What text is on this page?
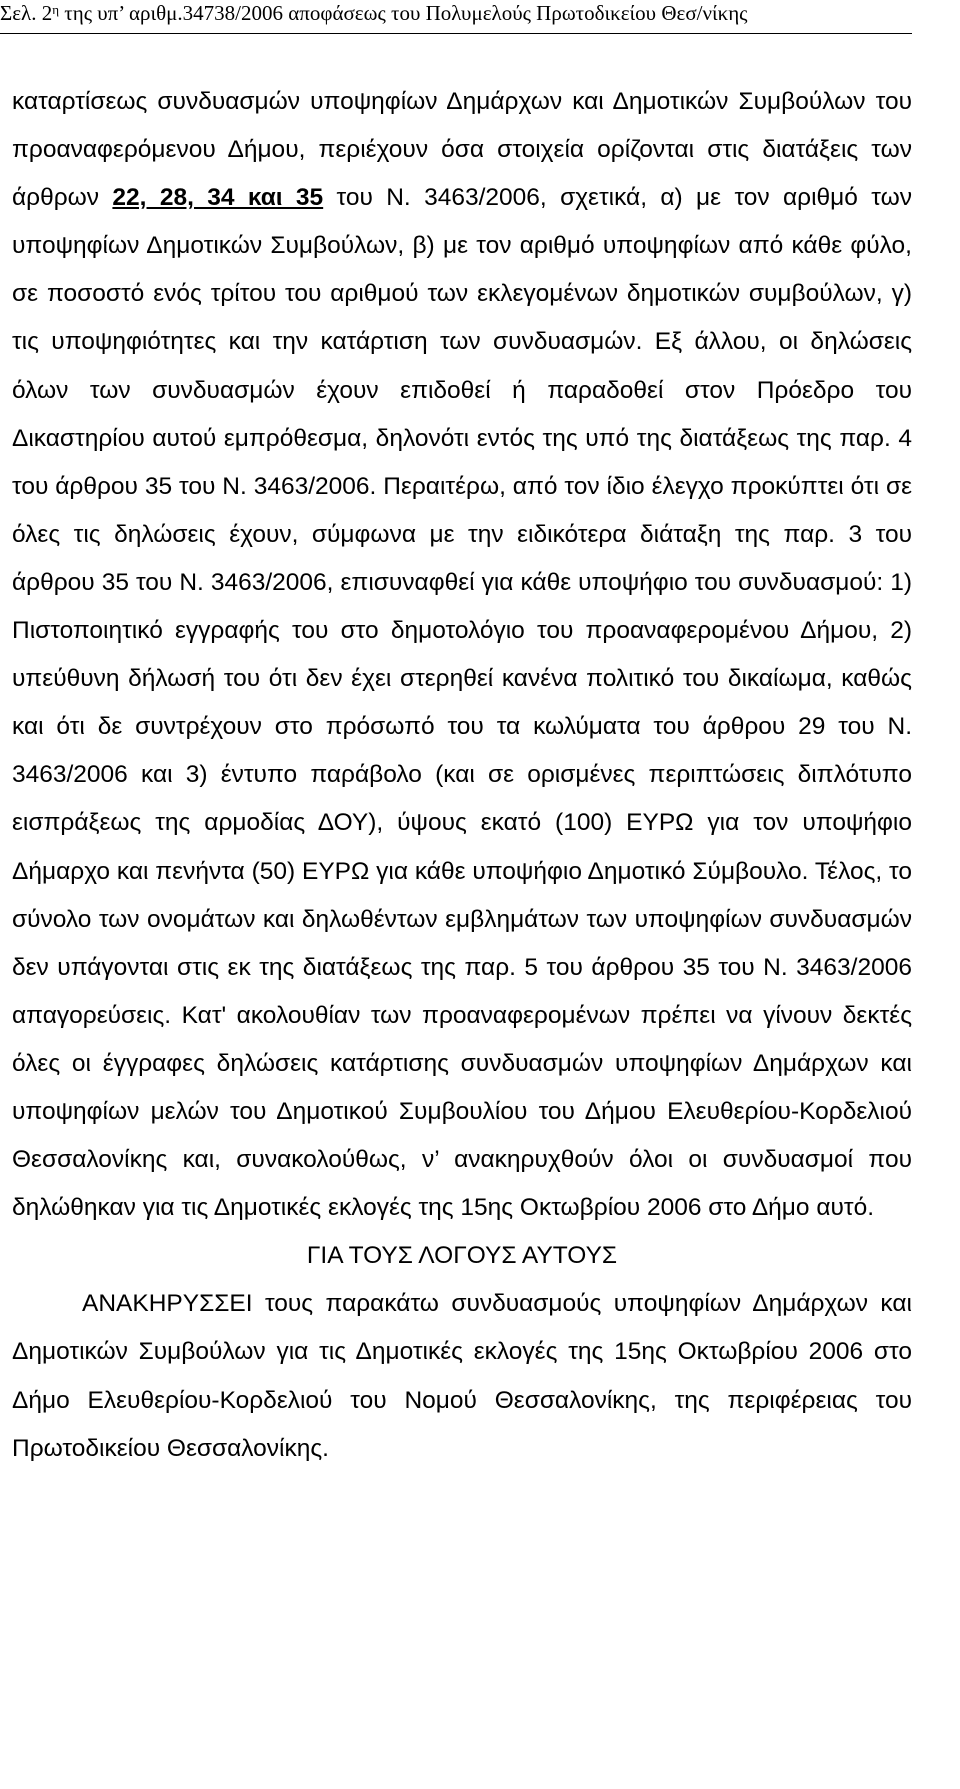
Σελ. $2^\eta$ της υπ’ αριθμ.34738/2006 αποφάσεως του Πολυμελούς Πρωτοδικείου Θεσ/νίκης

καταρτίσεως συνδυασμών υποψηφίων Δημάρχων και Δημοτικών Συμβούλων του προαναφερόμενου Δήμου, περιέχουν όσα στοιχεία ορίζονται στις διατάξεις των άρθρων 22, 28, 34 και 35 του Ν. 3463/2006, σχετικά, α) με τον αριθμό των υποψηφίων Δημοτικών Συμβούλων, β) με τον αριθμό υποψηφίων από κάθε φύλο, σε ποσοστό ενός τρίτου του αριθμού των εκλεγομένων δημοτικών συμβούλων, γ) τις υποψηφιότητες και την κατάρτιση των συνδυασμών. Εξ άλλου, οι δηλώσεις όλων των συνδυασμών έχουν επιδοθεί ή παραδοθεί στον Πρόεδρο του Δικαστηρίου αυτού εμπρόθεσμα, δηλονότι εντός της υπό της διατάξεως της παρ. 4 του άρθρου 35 του Ν. 3463/2006. Περαιτέρω, από τον ίδιο έλεγχο προκύπτει ότι σε όλες τις δηλώσεις έχουν, σύμφωνα με την ειδικότερα διάταξη της παρ. 3 του άρθρου 35 του Ν. 3463/2006, επισυναφθεί για κάθε υποψήφιο του συνδυασμού: 1) Πιστοποιητικό εγγραφής του στο δημοτολόγιο του προαναφερομένου Δήμου, 2) υπεύθυνη δήλωσή του ότι δεν έχει στερηθεί κανένα πολιτικό του δικαίωμα, καθώς και ότι δε συντρέχουν στο πρόσωπό του τα κωλύματα του άρθρου 29 του Ν. 3463/2006 και 3) έντυπο παράβολο (και σε ορισμένες περιπτώσεις διπλότυπο εισπράξεως της αρμοδίας ΔΟΥ), ύψους εκατό (100) ΕΥΡΩ για τον υποψήφιο Δήμαρχο και πενήντα (50) ΕΥΡΩ για κάθε υποψήφιο Δημοτικό Σύμβουλο. Τέλος, το σύνολο των ονομάτων και δηλωθέντων εμβλημάτων των υποψηφίων συνδυασμών δεν υπάγονται στις εκ της διατάξεως της παρ. 5 του άρθρου 35 του Ν. 3463/2006 απαγορεύσεις. Κατ' ακολουθίαν των προαναφερομένων πρέπει να γίνουν δεκτές όλες οι έγγραφες δηλώσεις κατάρτισης συνδυασμών υποψηφίων Δημάρχων και υποψηφίων μελών του Δημοτικού Συμβουλίου του Δήμου Ελευθερίου-Κορδελιού Θεσσαλονίκης και, συνακολούθως, ν’ ανακηρυχθούν όλοι οι συνδυασμοί που δηλώθηκαν για τις Δημοτικές εκλογές της 15ης Οκτωβρίου 2006 στο Δήμο αυτό.

ΓΙΑ ΤΟΥΣ ΛΟΓΟΥΣ ΑΥΤΟΥΣ

ΑΝΑΚΗΡΥΣΣΕΙ τους παρακάτω συνδυασμούς υποψηφίων Δημάρχων και Δημοτικών Συμβούλων για τις Δημοτικές εκλογές της 15ης Οκτωβρίου 2006 στο Δήμο Ελευθερίου-Κορδελιού του Νομού Θεσσαλονίκης, της περιφέρειας του Πρωτοδικείου Θεσσαλονίκης.
